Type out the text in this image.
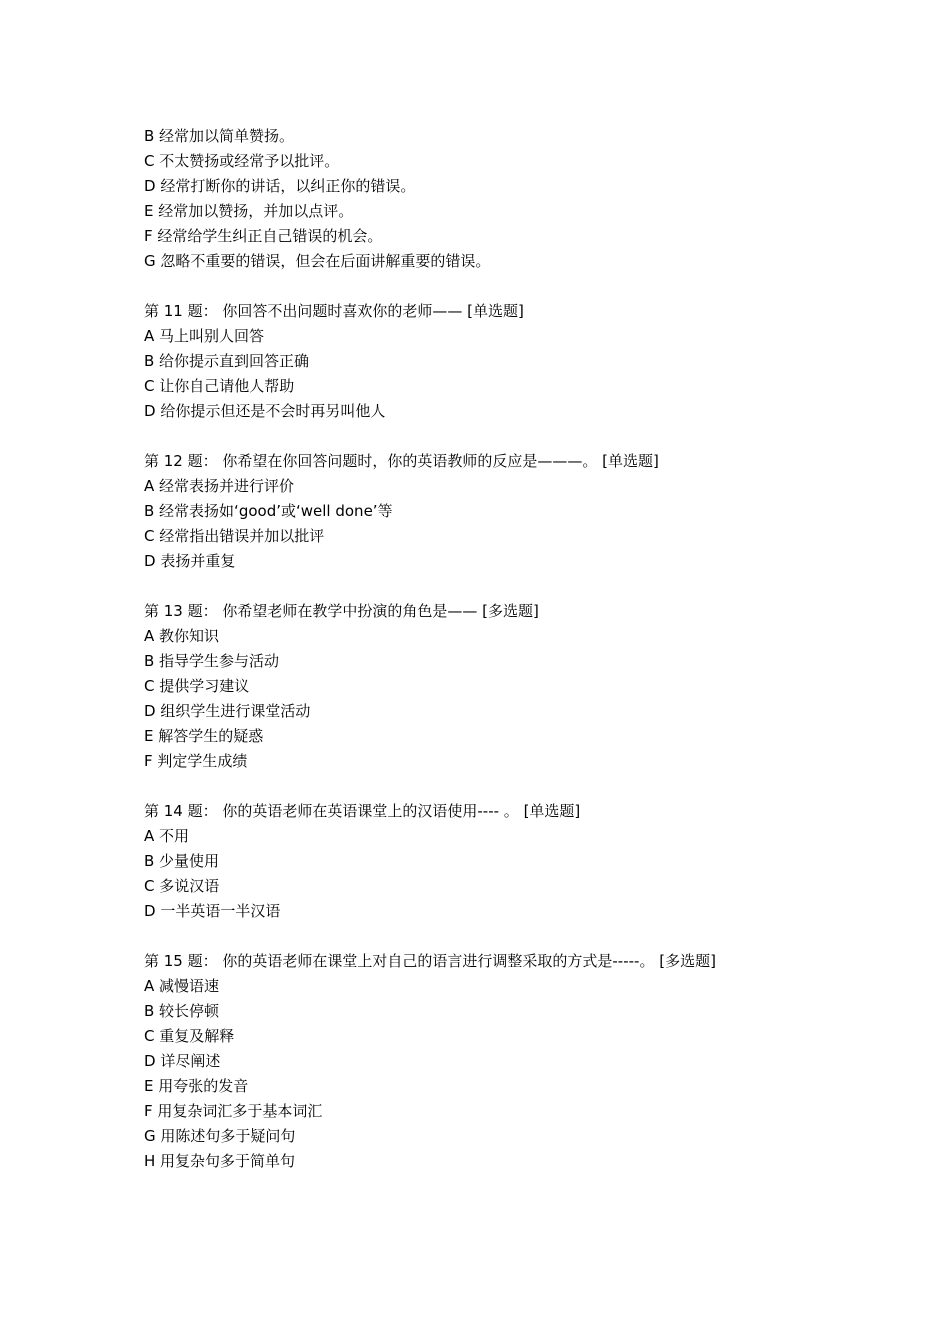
B 经常加以简单赞扬。
C 不太赞扬或经常予以批评。
D 经常打断你的讲话，以纠正你的错误。
E 经常加以赞扬，并加以点评。
F 经常给学生纠正自己错误的机会。
G 忽略不重要的错误，但会在后面讲解重要的错误。
第 11 题： 你回答不出问题时喜欢你的老师—— [单选题]
A 马上叫别人回答
B 给你提示直到回答正确
C 让你自己请他人帮助
D 给你提示但还是不会时再另叫他人
第 12 题： 你希望在你回答问题时，你的英语教师的反应是———。 [单选题]
A 经常表扬并进行评价
B 经常表扬如‘good’或‘well done’等
C 经常指出错误并加以批评
D 表扬并重复
第 13 题： 你希望老师在教学中扮演的角色是—— [多选题]
A 教你知识
B 指导学生参与活动
C 提供学习建议
D 组织学生进行课堂活动
E 解答学生的疑惑
F 判定学生成绩
第 14 题： 你的英语老师在英语课堂上的汉语使用---- 。 [单选题]
A 不用
B 少量使用
C 多说汉语
D 一半英语一半汉语
第 15 题： 你的英语老师在课堂上对自己的语言进行调整采取的方式是-----。 [多选题]
A 减慢语速
B 较长停顿
C 重复及解释
D 详尽阐述
E 用夸张的发音
F 用复杂词汇多于基本词汇
G 用陈述句多于疑问句
H 用复杂句多于简单句
